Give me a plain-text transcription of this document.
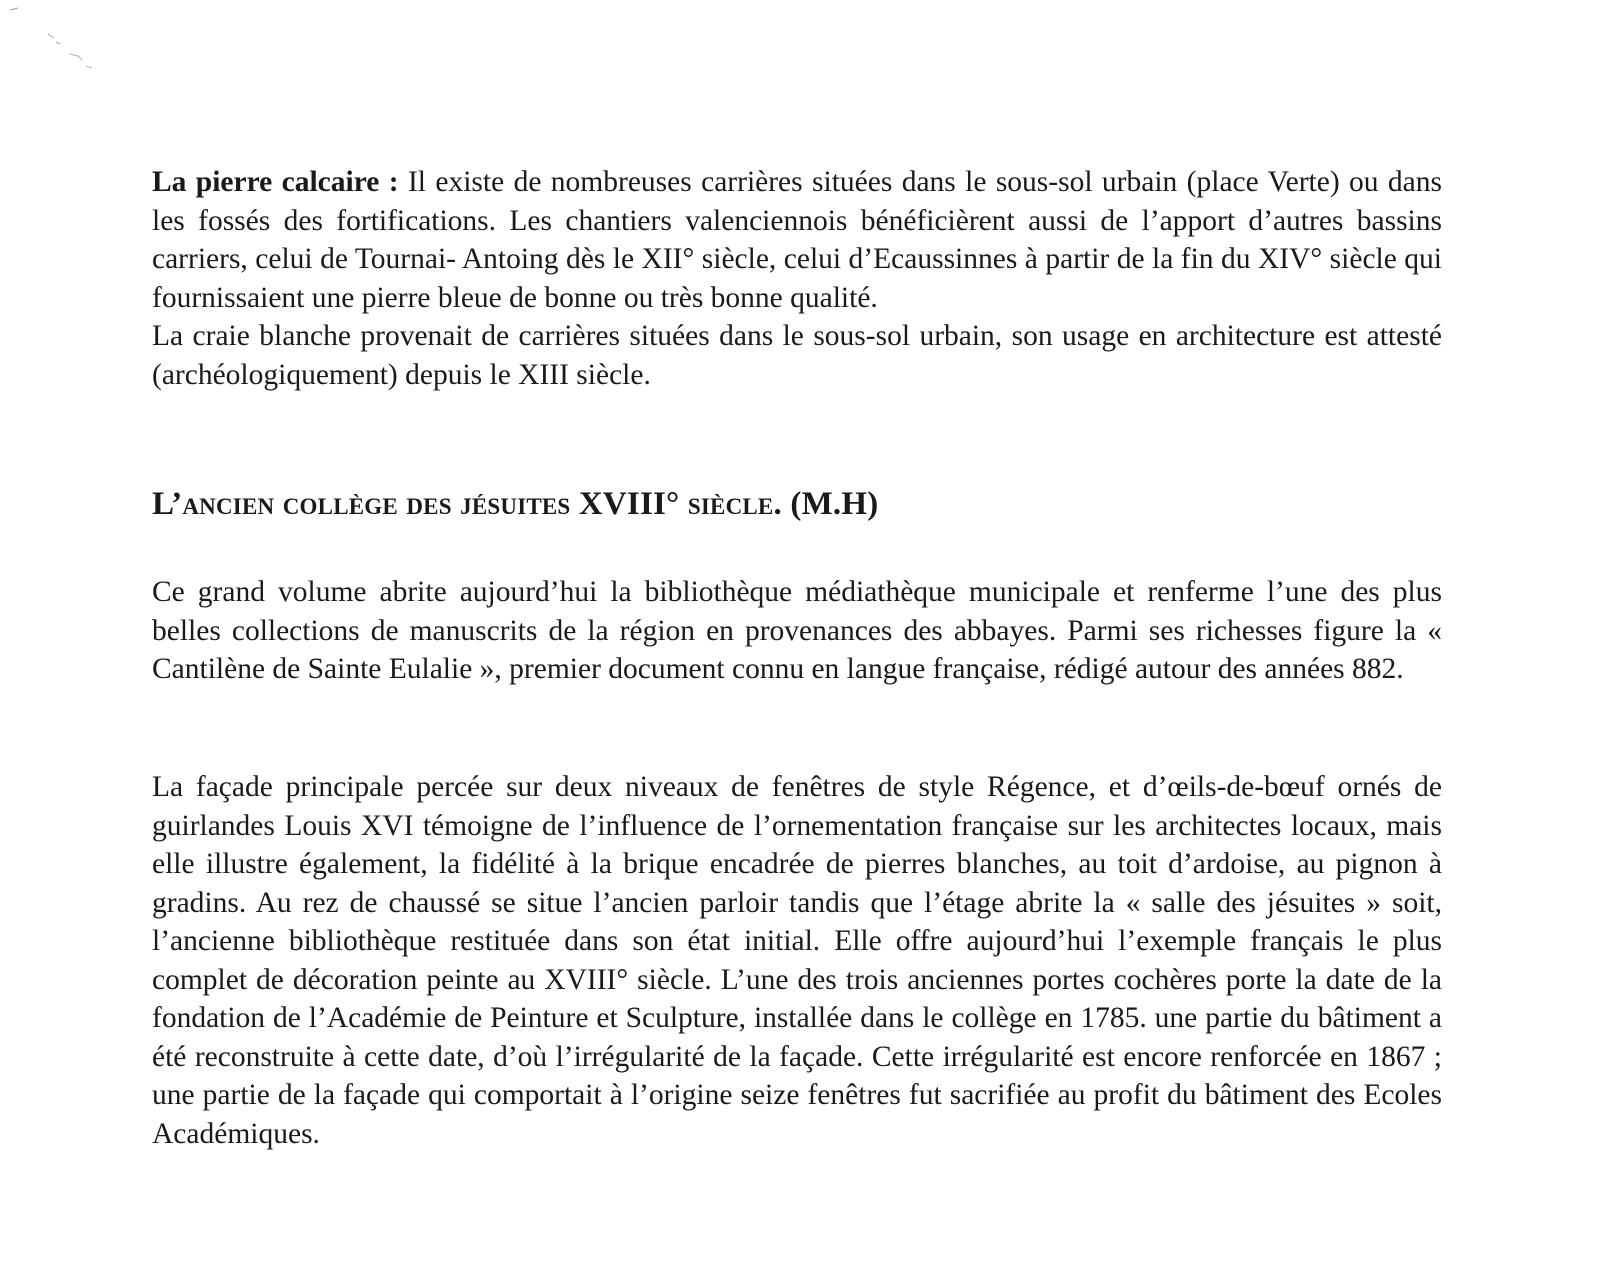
La pierre calcaire : Il existe de nombreuses carrières situées dans le sous-sol urbain (place Verte) ou dans les fossés des fortifications. Les chantiers valenciennois bénéficièrent aussi de l’apport d’autres bassins carriers, celui de Tournai- Antoing dès le XII° siècle, celui d’Ecaussinnes à partir de la fin du XIV° siècle qui fournissaient une pierre bleue de bonne ou très bonne qualité.

La craie blanche provenait de carrières situées dans le sous-sol urbain, son usage en architecture est attesté (archéologiquement) depuis le XIII siècle.

L’ancien collège des jésuites XVIII° siècle. (M.H)

Ce grand volume abrite aujourd’hui la bibliothèque médiathèque municipale et renferme l’une des plus belles collections de manuscrits de la région en provenances des abbayes. Parmi ses richesses figure la « Cantilène de Sainte Eulalie », premier document connu en langue française, rédigé autour des années 882.

La façade principale percée sur deux niveaux de fenêtres de style Régence, et d’œils-de-bœuf ornés de guirlandes Louis XVI témoigne de l’influence de l’ornementation française sur les architectes locaux, mais elle illustre également, la fidélité à la brique encadrée de pierres blanches, au toit d’ardoise, au pignon à gradins. Au rez de chaussé se situe l’ancien parloir tandis que l’étage abrite la « salle des jésuites » soit, l’ancienne bibliothèque restituée dans son état initial. Elle offre aujourd’hui l’exemple français le plus complet de décoration peinte au XVIII° siècle. L’une des trois anciennes portes cochères porte la date de la fondation de l’Académie de Peinture et Sculpture, installée dans le collège en 1785. une partie du bâtiment a été reconstruite à cette date, d’où l’irrégularité de la façade. Cette irrégularité est encore renforcée en 1867 ; une partie de la façade qui comportait à l’origine seize fenêtres fut sacrifiée au profit du bâtiment des Ecoles Académiques.
